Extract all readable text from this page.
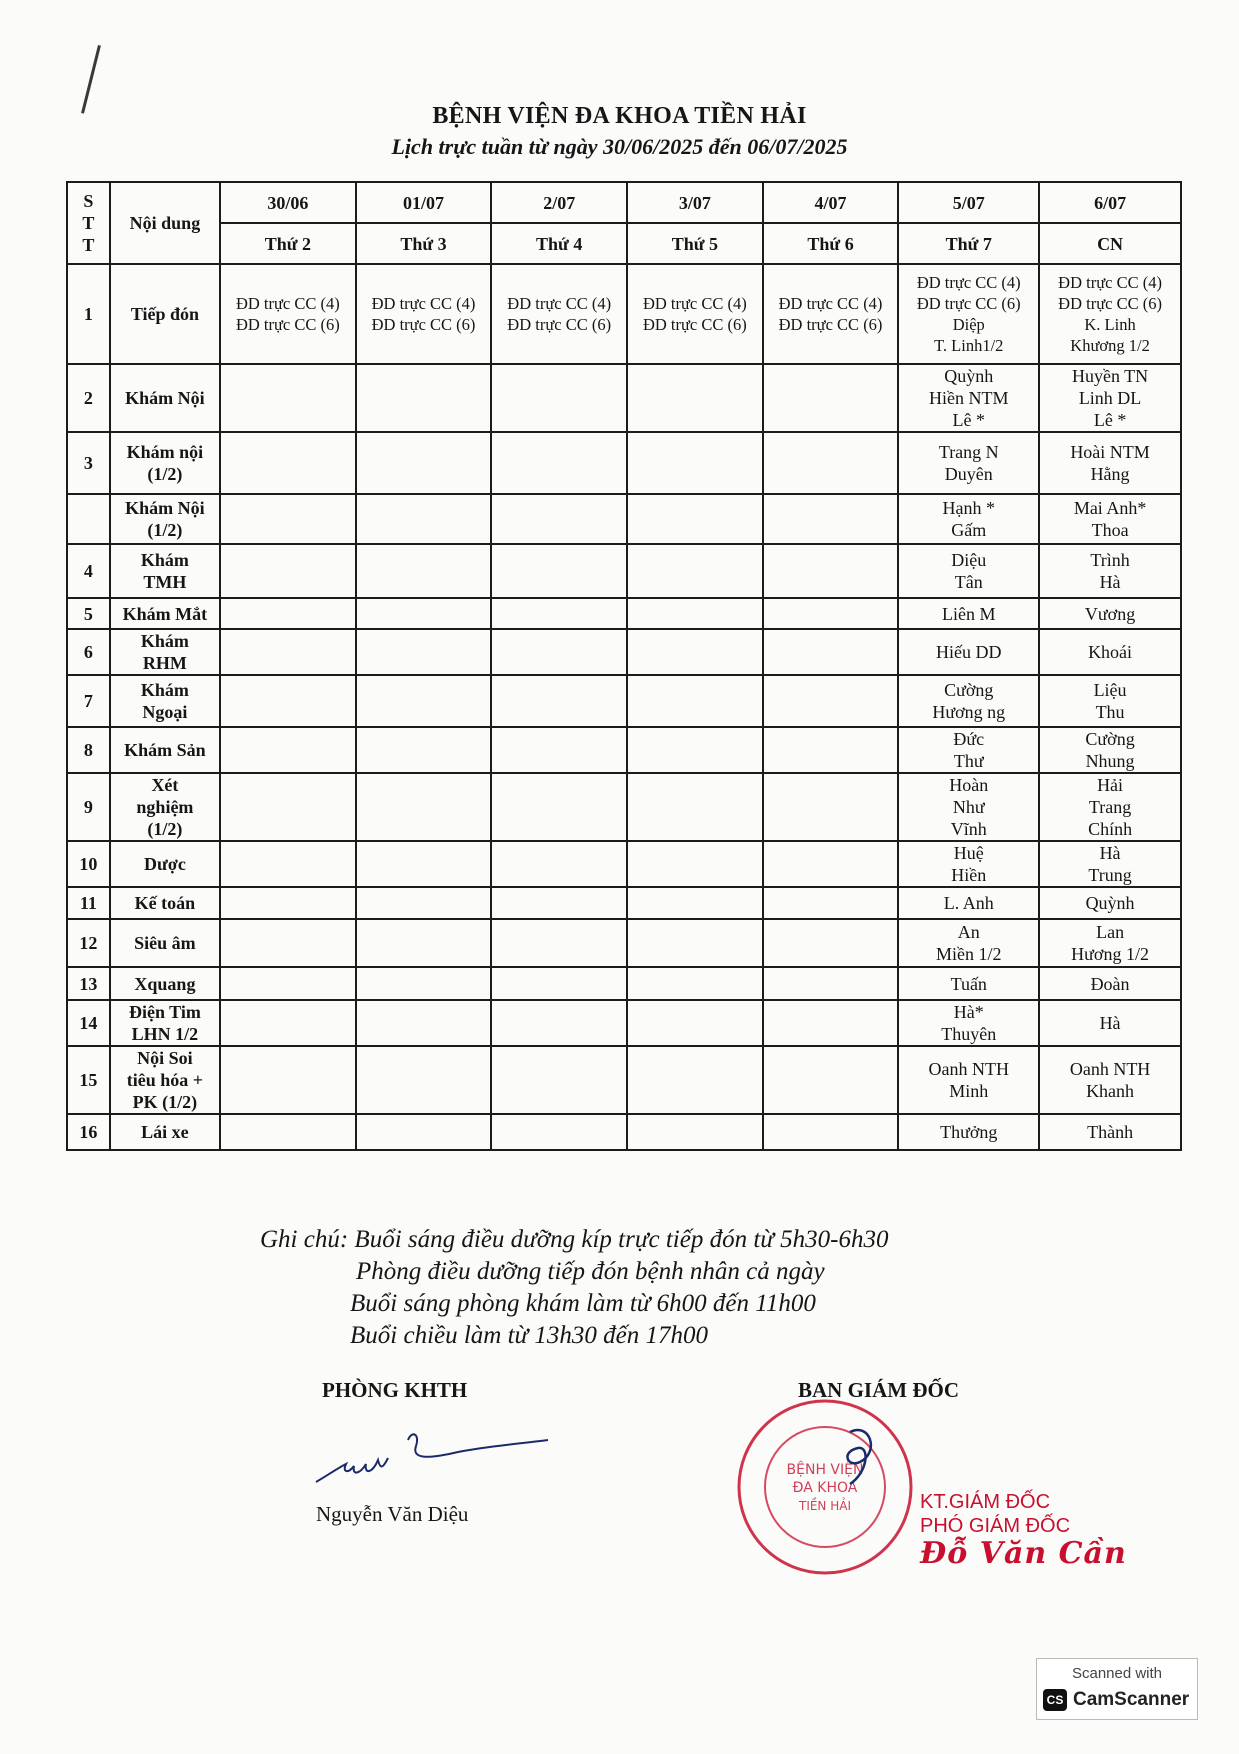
BỆNH VIỆN ĐA KHOA TIỀN HẢI
Lịch trực tuần từ ngày 30/06/2025 đến 06/07/2025
S
T
T	Nội dung	30/06	01/07	2/07	3/07	4/07	5/07	6/07
		Thứ 2	Thứ 3	Thứ 4	Thứ 5	Thứ 6	Thứ 7	CN
1	Tiếp đón	ĐD trực CC (4)
ĐD trực CC (6)	ĐD trực CC (4)
ĐD trực CC (6)	ĐD trực CC (4)
ĐD trực CC (6)	ĐD trực CC (4)
ĐD trực CC (6)	ĐD trực CC (4)
ĐD trực CC (6)	ĐD trực CC (4)
ĐD trực CC (6)
Diệp
T. Linh1/2	ĐD trực CC (4)
ĐD trực CC (6)
K. Linh
Khương 1/2

2	Khám Nội						Quỳnh
Hiền NTM
Lê *	Huyền TN
Linh DL
Lê *

3	Khám nội
(1/2)						Trang N
Duyên	Hoài NTM
Hằng

	Khám Nội
(1/2)						Hạnh *
Gấm	Mai Anh*
Thoa

4	Khám
TMH						Diệu
Tân	Trình
Hà

5	Khám Mắt						Liên M	Vương

6	Khám
RHM						Hiếu DD	Khoái

7	Khám
Ngoại						Cường
Hương ng	Liệu
Thu

8	Khám Sản						Đức
Thư	Cường
Nhung

9	Xét
nghiệm
(1/2)						Hoàn
Như
Vĩnh	Hải
Trang
Chính

10	Dược						Huệ
Hiền	Hà
Trung

11	Kế toán						L. Anh	Quỳnh

12	Siêu âm						An
Miền 1/2	Lan
Hương 1/2

13	Xquang						Tuấn	Đoàn

14	Điện Tim
LHN 1/2						Hà*
Thuyên	Hà

15	Nội Soi
tiêu hóa +
PK (1/2)						Oanh NTH
Minh	Oanh NTH
Khanh

16	Lái xe						Thưởng	Thành
Ghi chú: Buổi sáng điều dưỡng kíp trực tiếp đón từ 5h30-6h30
Phòng điều dưỡng tiếp đón bệnh nhân cả ngày
Buổi sáng phòng khám làm từ 6h00 đến 11h00
Buổi chiều làm từ 13h30 đến 17h00
PHÒNG KHTH
Nguyễn Văn Diệu
BAN GIÁM ĐỐC
BỆNH VIỆN
ĐA KHOA
TIỀN HẢI	KT.GIÁM ĐỐC
PHÓ GIÁM ĐỐC
Đỗ Văn Cần
Scanned with
CS CamScanner
